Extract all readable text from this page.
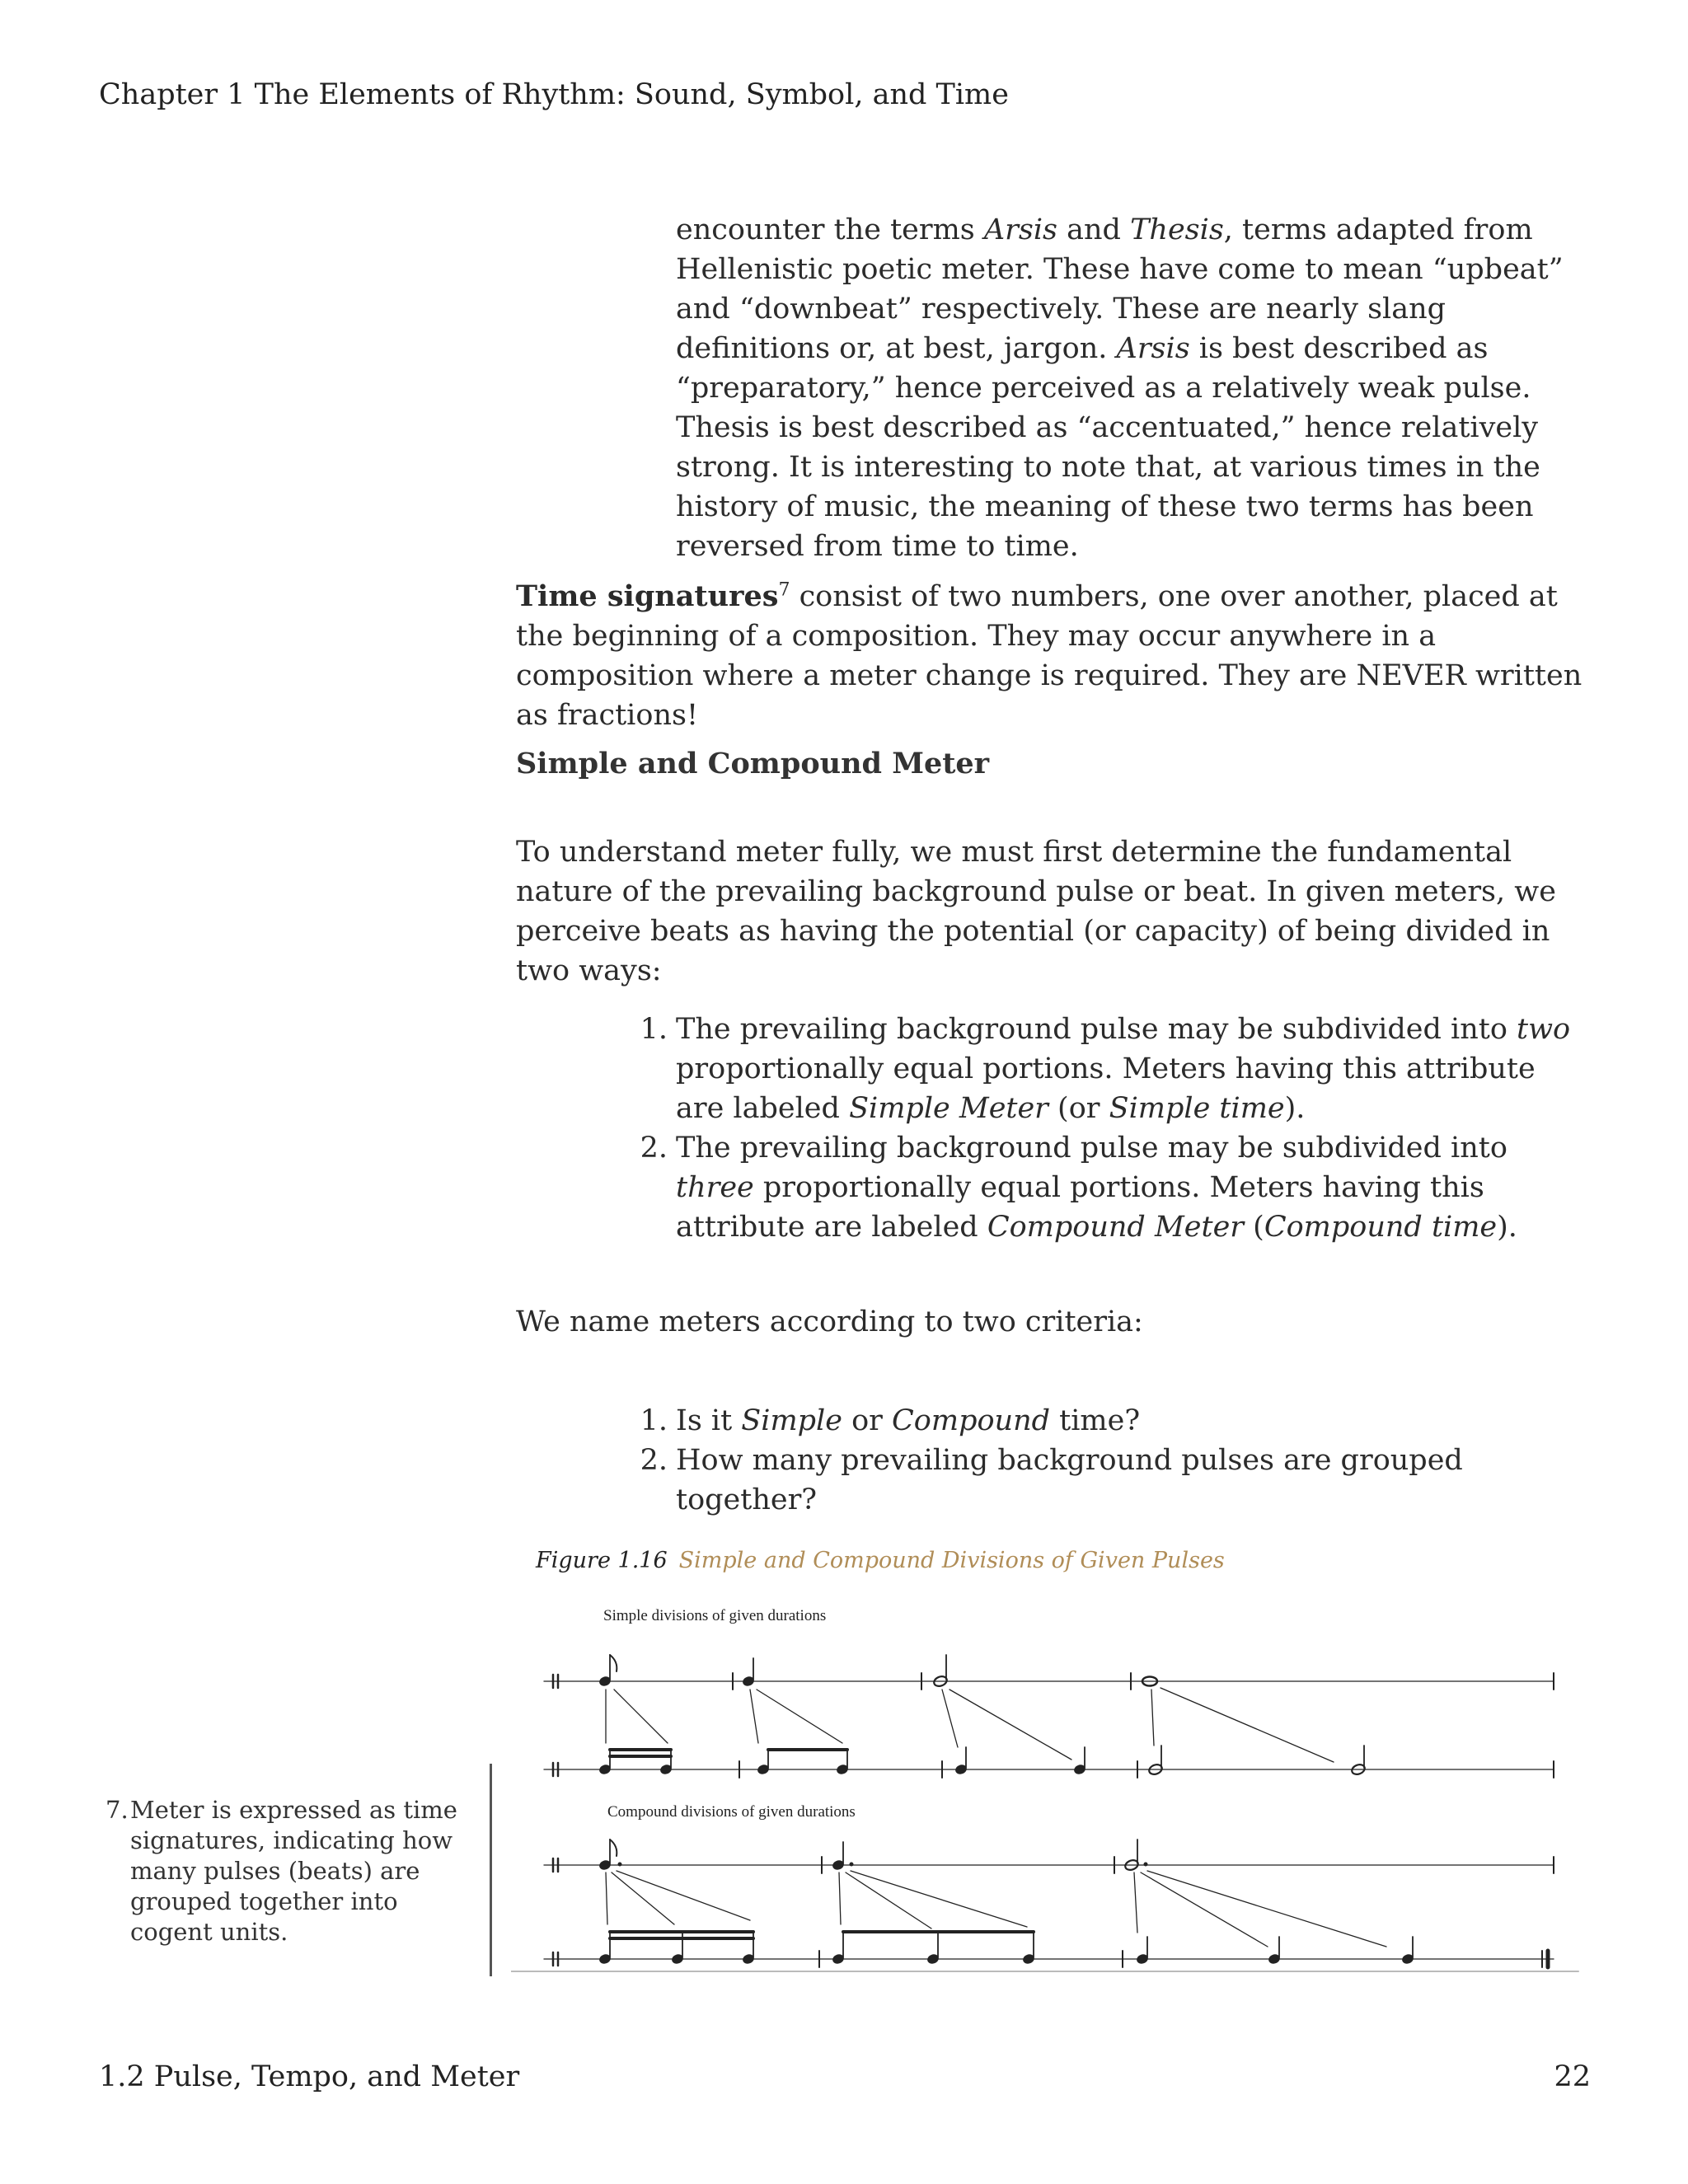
Chapter 1 The Elements of Rhythm: Sound, Symbol, and Time
encounter the terms Arsis and Thesis, terms adapted from Hellenistic poetic meter. These have come to mean “upbeat” and “downbeat” respectively. These are nearly slang definitions or, at best, jargon. Arsis is best described as “preparatory,” hence perceived as a relatively weak pulse. Thesis is best described as “accentuated,” hence relatively strong. It is interesting to note that, at various times in the history of music, the meaning of these two terms has been reversed from time to time.

Time signatures$^7$ consist of two numbers, one over another, placed at the beginning of a composition. They may occur anywhere in a composition where a meter change is required. They are NEVER written as fractions!

Simple and Compound Meter

To understand meter fully, we must first determine the fundamental nature of the prevailing background pulse or beat. In given meters, we perceive beats as having the potential (or capacity) of being divided in two ways:

1. The prevailing background pulse may be subdivided into two proportionally equal portions. Meters having this attribute are labeled Simple Meter (or Simple time).
2. The prevailing background pulse may be subdivided into three proportionally equal portions. Meters having this attribute are labeled Compound Meter (Compound time).

We name meters according to two criteria:

1. Is it Simple or Compound time?
2. How many prevailing background pulses are grouped together?
Figure 1.16 Simple and Compound Divisions of Given Pulses
Simple divisions of given durations
Compound divisions of given durations
7. Meter is expressed as time signatures, indicating how many pulses (beats) are grouped together into cogent units.
1.2 Pulse, Tempo, and Meter	22
